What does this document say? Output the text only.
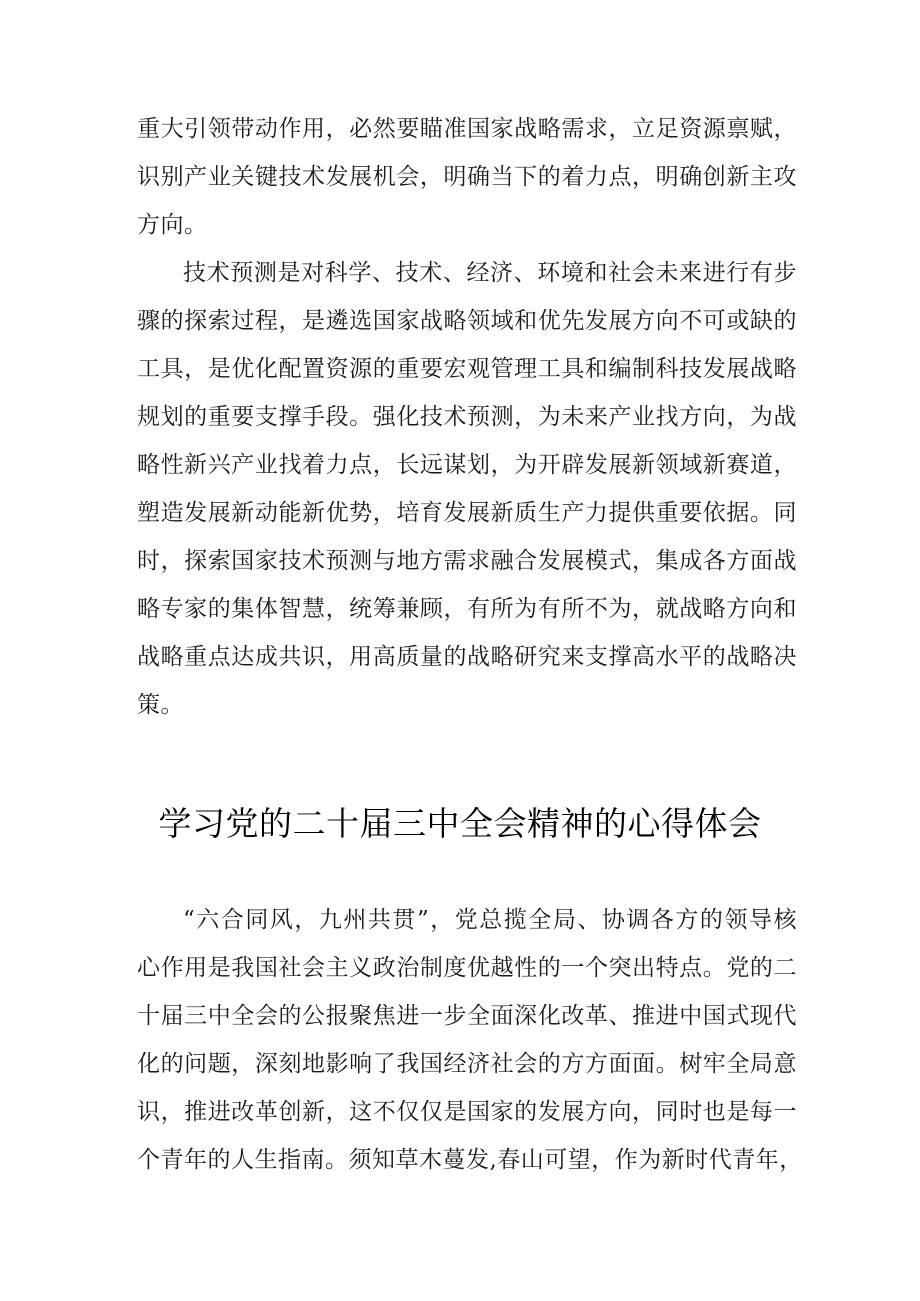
重大引领带动作用，必然要瞄准国家战略需求，立足资源禀赋，
识别产业关键技术发展机会，明确当下的着力点，明确创新主攻
方向。
技术预测是对科学、技术、经济、环境和社会未来进行有步
骤的探索过程，是遴选国家战略领域和优先发展方向不可或缺的
工具，是优化配置资源的重要宏观管理工具和编制科技发展战略
规划的重要支撑手段。强化技术预测，为未来产业找方向，为战
略性新兴产业找着力点，长远谋划，为开辟发展新领域新赛道，
塑造发展新动能新优势，培育发展新质生产力提供重要依据。同
时，探索国家技术预测与地方需求融合发展模式，集成各方面战
略专家的集体智慧，统筹兼顾，有所为有所不为，就战略方向和
战略重点达成共识，用高质量的战略研究来支撑高水平的战略决
策。
学习党的二十届三中全会精神的心得体会
“六合同风，九州共贯”，党总揽全局、协调各方的领导核
心作用是我国社会主义政治制度优越性的一个突出特点。党的二
十届三中全会的公报聚焦进一步全面深化改革、推进中国式现代
化的问题，深刻地影响了我国经济社会的方方面面。树牢全局意
识，推进改革创新，这不仅仅是国家的发展方向，同时也是每一
个青年的人生指南。须知草木蔓发,春山可望，作为新时代青年，
